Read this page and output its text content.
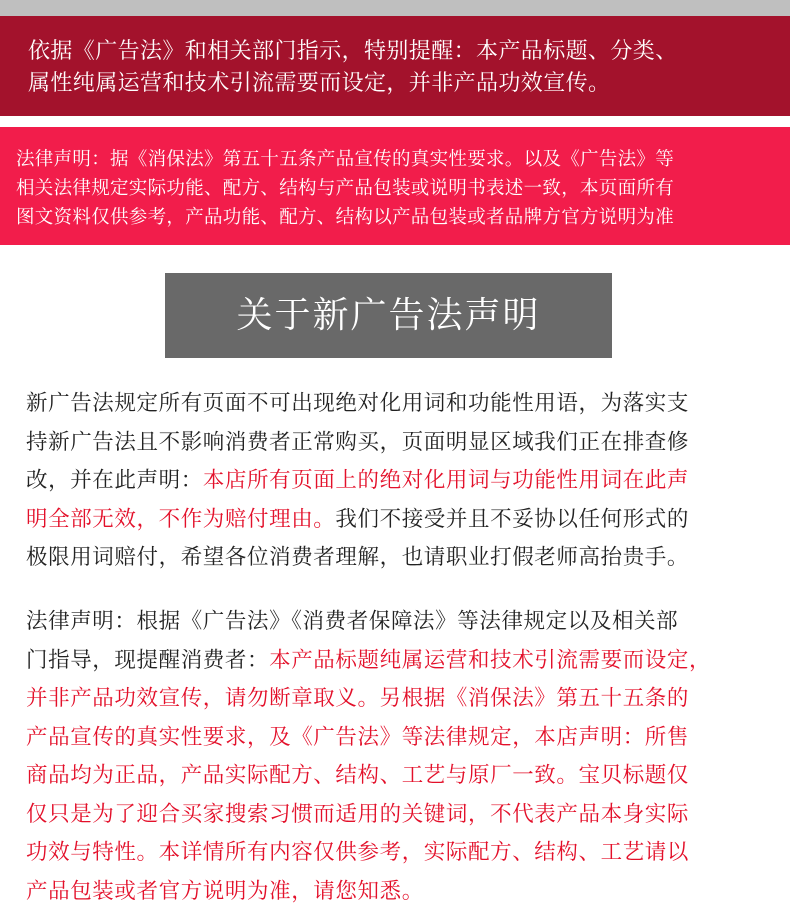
依据《广告法》和相关部门指示，特别提醒：本产品标题、分类、
属性纯属运营和技术引流需要而设定，并非产品功效宣传。
法律声明：据《消保法》第五十五条产品宣传的真实性要求。以及《广告法》等
相关法律规定实际功能、配方、结构与产品包装或说明书表述一致，本页面所有
图文资料仅供参考，产品功能、配方、结构以产品包装或者品牌方官方说明为准
关于新广告法声明
新广告法规定所有页面不可出现绝对化用词和功能性用语，为落实支
持新广告法且不影响消费者正常购买，页面明显区域我们正在排查修
改，并在此声明：本店所有页面上的绝对化用词与功能性用词在此声
明全部无效，不作为赔付理由。我们不接受并且不妥协以任何形式的
极限用词赔付，希望各位消费者理解，也请职业打假老师高抬贵手。
法律声明：根据《广告法》《消费者保障法》等法律规定以及相关部
门指导，现提醒消费者：本产品标题纯属运营和技术引流需要而设定，
并非产品功效宣传，请勿断章取义。另根据《消保法》第五十五条的
产品宣传的真实性要求，及《广告法》等法律规定，本店声明：所售
商品均为正品，产品实际配方、结构、工艺与原厂一致。宝贝标题仅
仅只是为了迎合买家搜索习惯而适用的关键词，不代表产品本身实际
功效与特性。本详情所有内容仅供参考，实际配方、结构、工艺请以
产品包装或者官方说明为准，请您知悉。
